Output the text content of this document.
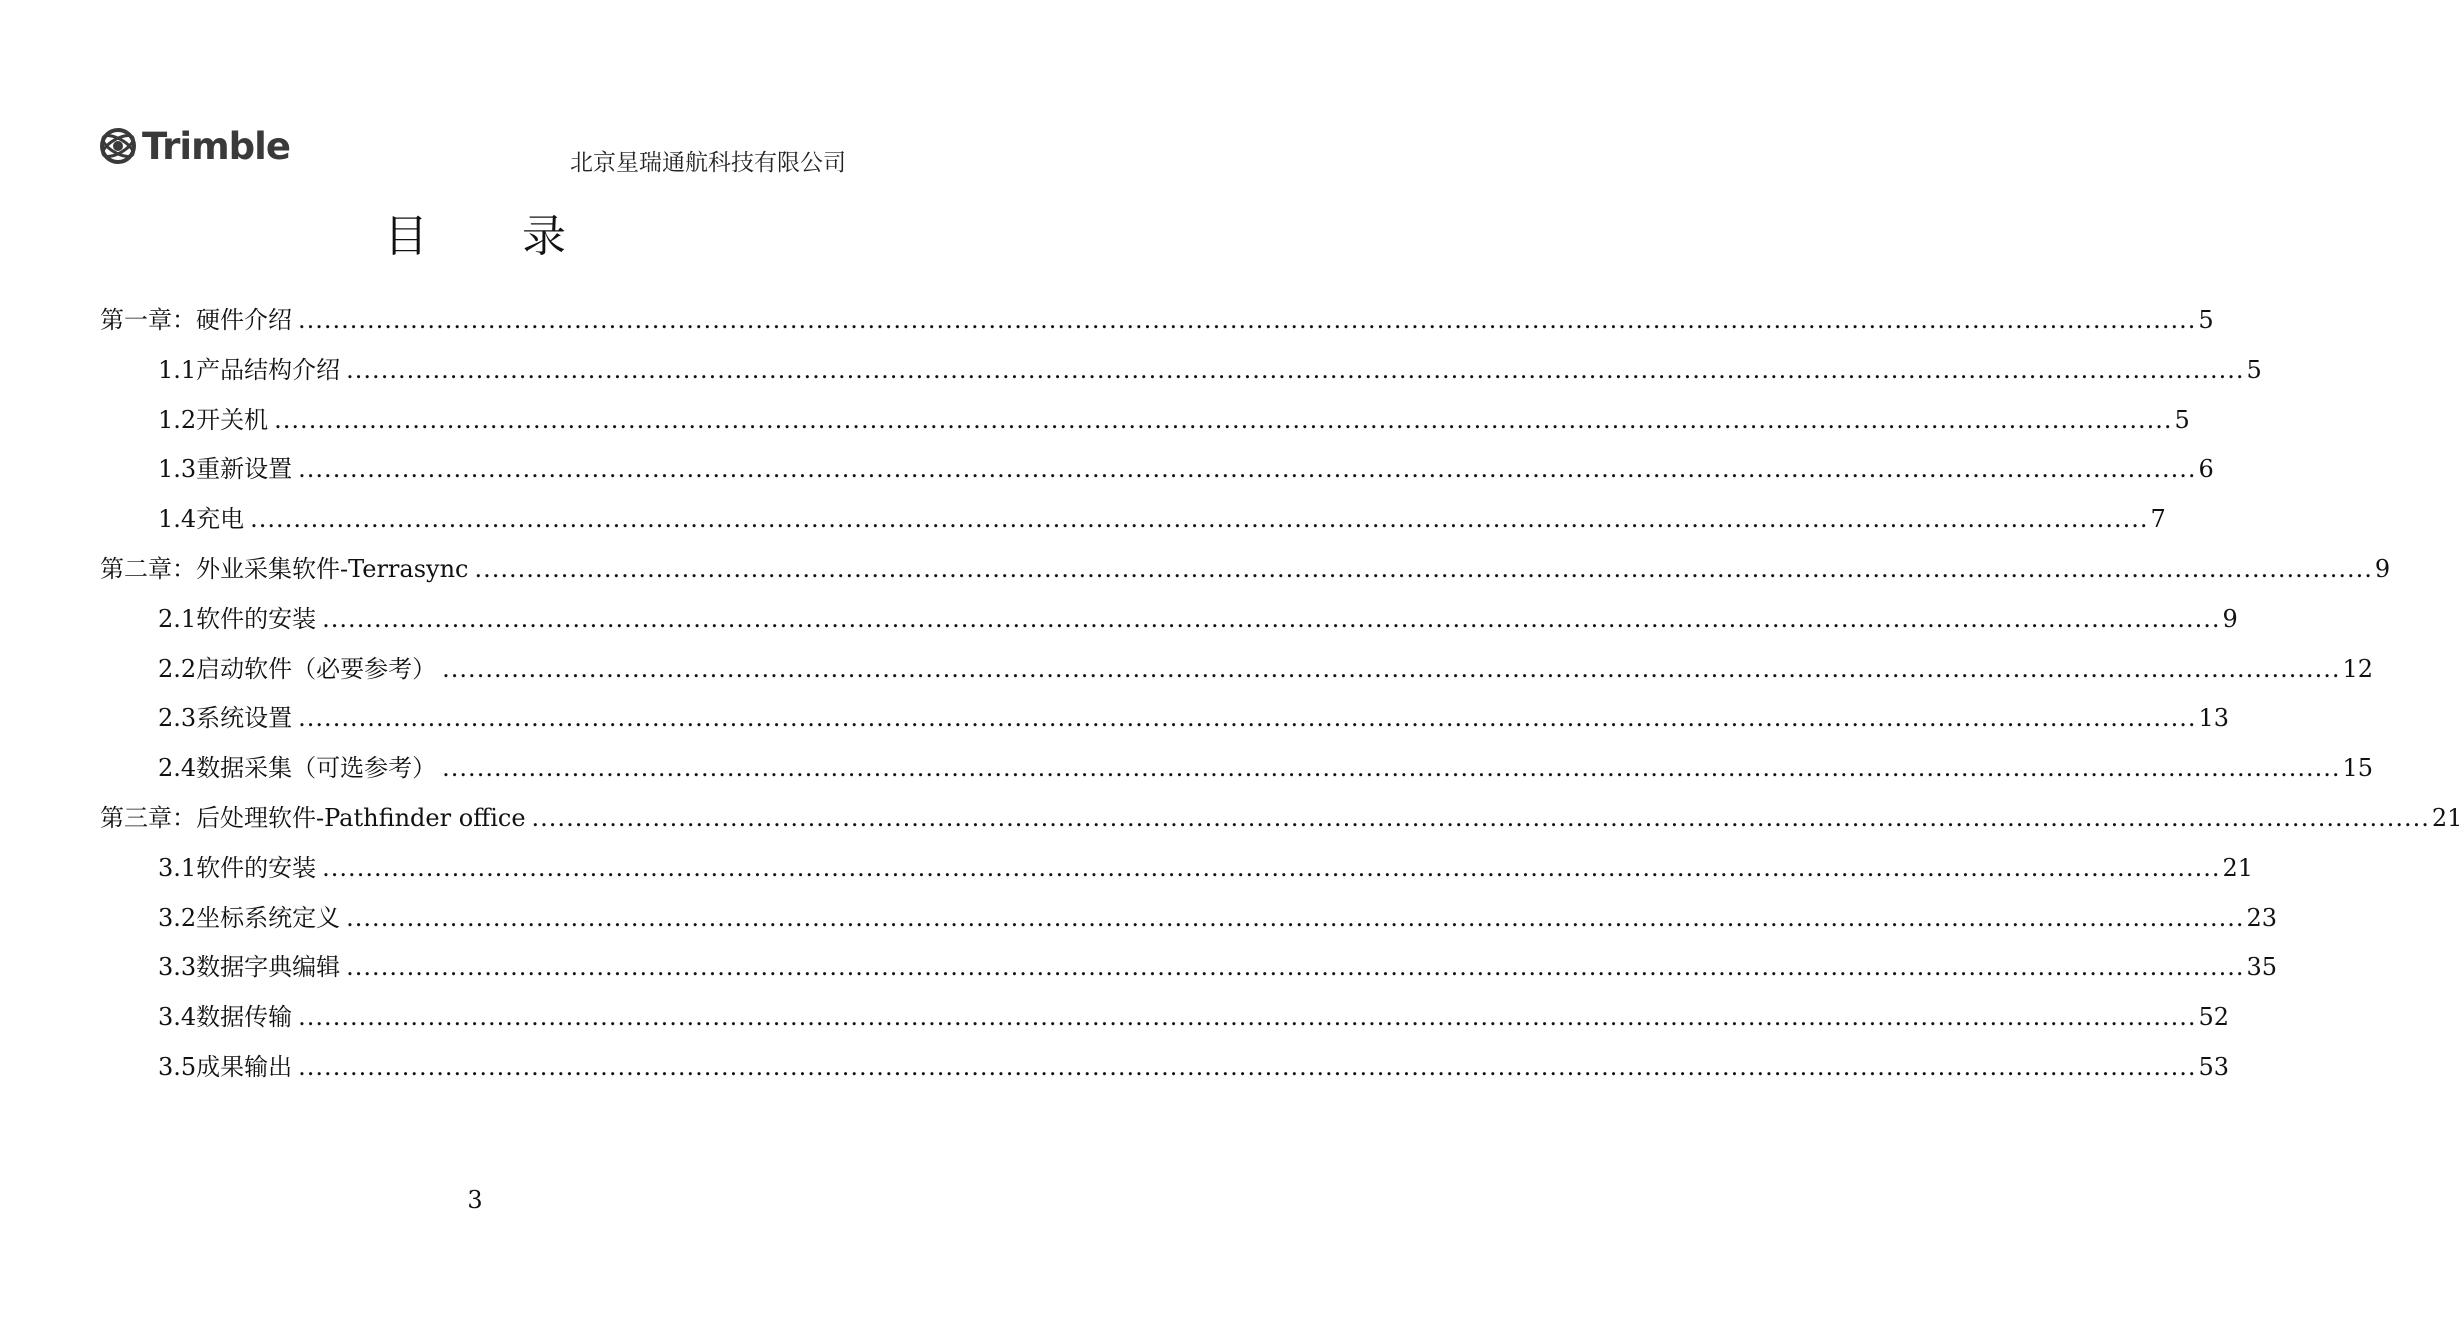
Trimble	北京星瑞通航科技有限公司
目 录
第一章：硬件介绍 ............................................................................................................................................................................................................................ 5
1.1 产品结构介绍 ............................................................................................................................................................................................................................ 5
1.2 开关机 ............................................................................................................................................................................................................................ 5
1.3 重新设置 ............................................................................................................................................................................................................................ 6
1.4 充电 ............................................................................................................................................................................................................................ 7
第二章：外业采集软件-Terrasync ............................................................................................................................................................................................................................ 9
2.1 软件的安装 ............................................................................................................................................................................................................................ 9
2.2 启动软件（必要参考） ............................................................................................................................................................................................................................ 12
2.3 系统设置 ............................................................................................................................................................................................................................ 13
2.4 数据采集（可选参考） ............................................................................................................................................................................................................................ 15
第三章：后处理软件-Pathfinder office ............................................................................................................................................................................................................................ 21
3.1 软件的安装 ............................................................................................................................................................................................................................ 21
3.2 坐标系统定义 ............................................................................................................................................................................................................................ 23
3.3 数据字典编辑 ............................................................................................................................................................................................................................ 35
3.4 数据传输 ............................................................................................................................................................................................................................ 52
3.5 成果输出 ............................................................................................................................................................................................................................ 53
3
